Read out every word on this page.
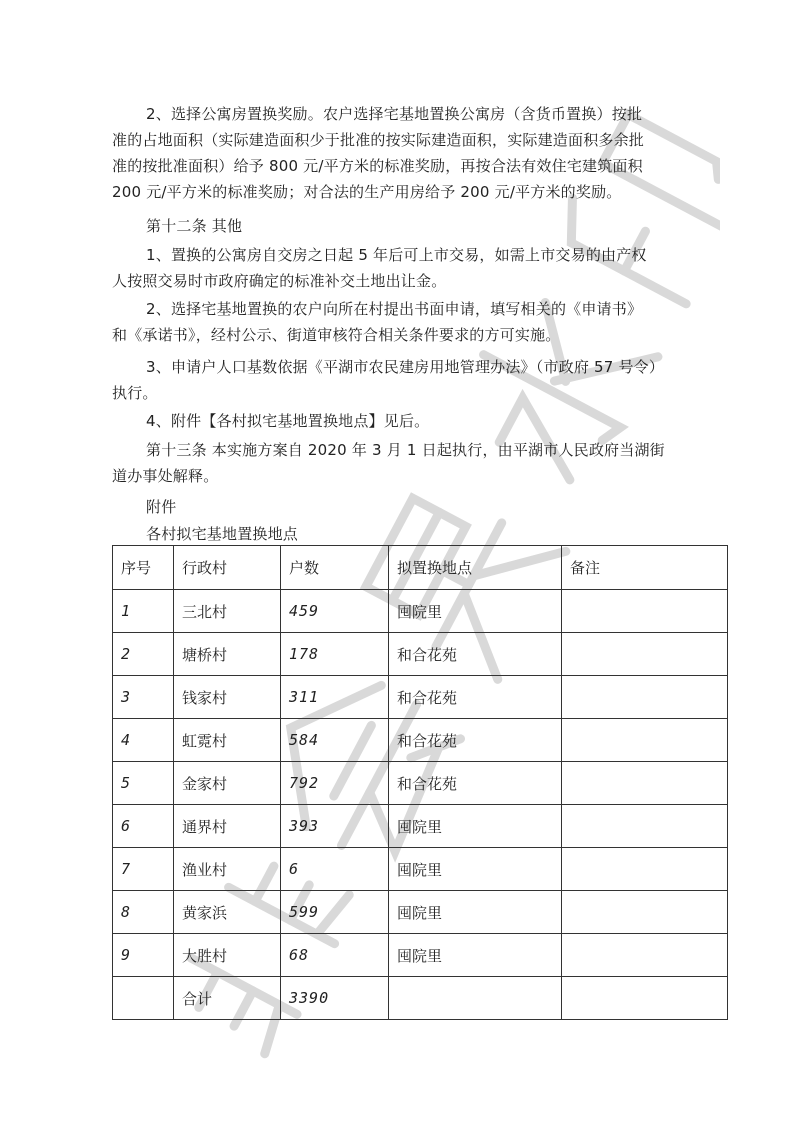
2、选择公寓房置换奖励。农户选择宅基地置换公寓房（含货币置换）按批
准的占地面积（实际建造面积少于批准的按实际建造面积，实际建造面积多余批
准的按批准面积）给予 800 元/平方米的标准奖励，再按合法有效住宅建筑面积
200 元/平方米的标准奖励；对合法的生产用房给予 200 元/平方米的奖励。

第十二条 其他

1、置换的公寓房自交房之日起 5 年后可上市交易，如需上市交易的由产权
人按照交易时市政府确定的标准补交土地出让金。

2、选择宅基地置换的农户向所在村提出书面申请，填写相关的《申请书》
和《承诺书》，经村公示、街道审核符合相关条件要求的方可实施。

3、申请户人口基数依据《平湖市农民建房用地管理办法》（市政府 57 号令）
执行。

4、附件【各村拟宅基地置换地点】见后。

第十三条 本实施方案自 2020 年 3 月 1 日起执行，由平湖市人民政府当湖街
道办事处解释。

附件

各村拟宅基地置换地点

序号	行政村	户数	拟置换地点	备注
1	三北村	459	囤院里	
2	塘桥村	178	和合花苑	
3	钱家村	311	和合花苑	
4	虹霓村	584	和合花苑	
5	金家村	792	和合花苑	
6	通界村	393	囤院里	
7	渔业村	6	囤院里	
8	黄家浜	599	囤院里	
9	大胜村	68	囤院里	
	合计	3390		
